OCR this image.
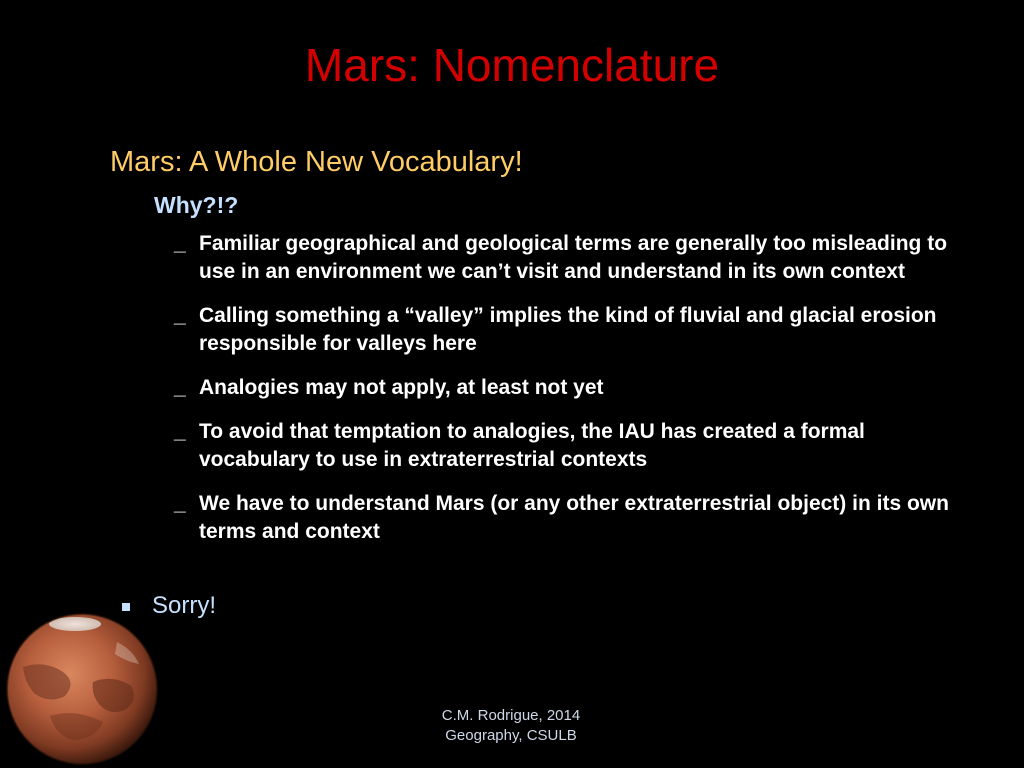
Mars: Nomenclature
Mars: A Whole New Vocabulary!
Why?!?
_ Familiar geographical and geological terms are generally too misleading to use in an environment we can’t visit and understand in its own context
_ Calling something a “valley” implies the kind of fluvial and glacial erosion responsible for valleys here
_ Analogies may not apply, at least not yet
_ To avoid that temptation to analogies, the IAU has created a formal vocabulary to use in extraterrestrial contexts
_ We have to understand Mars (or any other extraterrestrial object) in its own terms and context
Sorry!
C.M. Rodrigue, 2014
Geography, CSULB
